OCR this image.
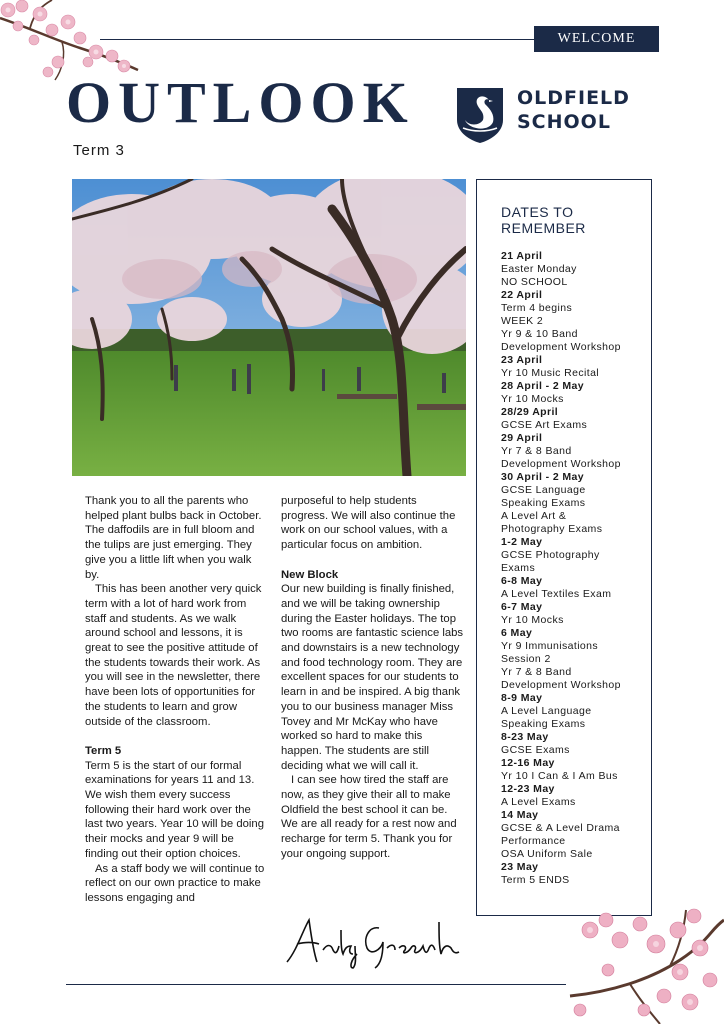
WELCOME
OUTLOOK
Term 3
OLDFIELD
SCHOOL

Thank you to all the parents who helped plant bulbs back in October. The daffodils are in full bloom and the tulips are just emerging. They give you a little lift when you walk by.

This has been another very quick term with a lot of hard work from staff and students. As we walk around school and lessons, it is great to see the positive attitude of the students towards their work. As you will see in the newsletter, there have been lots of opportunities for the students to learn and grow outside of the classroom.

Term 5

Term 5 is the start of our formal examinations for years 11 and 13. We wish them every success following their hard work over the last two years. Year 10 will be doing their mocks and year 9 will be finding out their option choices.

As a staff body we will continue to reflect on our own practice to make lessons engaging and

purposeful to help students progress. We will also continue the work on our school values, with a particular focus on ambition.

New Block

Our new building is finally finished, and we will be taking ownership during the Easter holidays. The top two rooms are fantastic science labs and downstairs is a new technology and food technology room. They are excellent spaces for our students to learn in and be inspired. A big thank you to our business manager Miss Tovey and Mr McKay who have worked so hard to make this happen. The students are still deciding what we will call it.

I can see how tired the staff are now, as they give their all to make Oldfield the best school it can be. We are all ready for a rest now and recharge for term 5. Thank you for your ongoing support.

Andy Greenhough
DATES TO
REMEMBER
21 April
Easter Monday
NO SCHOOL
22 April
Term 4 begins
WEEK 2
Yr 9 & 10 Band
Development Workshop
23 April
Yr 10 Music Recital
28 April - 2 May
Yr 10 Mocks
28/29 April
GCSE Art Exams
29 April
Yr 7 & 8 Band
Development Workshop
30 April - 2 May
GCSE Language
Speaking Exams
A Level Art &
Photography Exams
1-2 May
GCSE Photography
Exams
6-8 May
A Level Textiles Exam
6-7 May
Yr 10 Mocks
6 May
Yr 9 Immunisations
Session 2
Yr 7 & 8 Band
Development Workshop
8-9 May
A Level Language
Speaking Exams
8-23 May
GCSE Exams
12-16 May
Yr 10 I Can & I Am Bus
12-23 May
A Level Exams
14 May
GCSE & A Level Drama
Performance
OSA Uniform Sale
23 May
Term 5 ENDS
